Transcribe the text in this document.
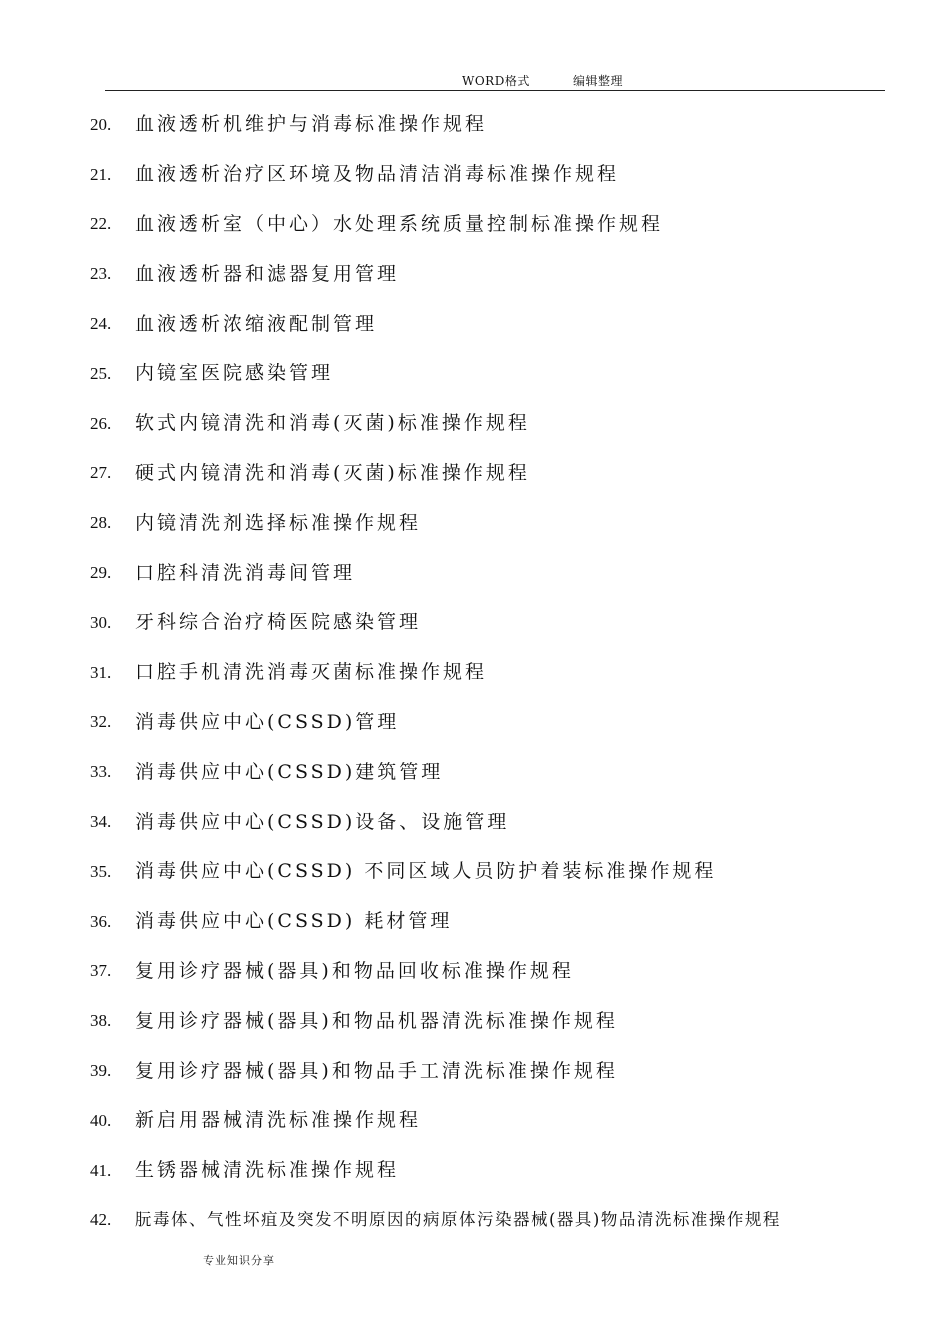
WORD格式          编辑整理
20.	血液透析机维护与消毒标准操作规程
21.	血液透析治疗区环境及物品清洁消毒标准操作规程
22.	血液透析室（中心）水处理系统质量控制标准操作规程
23.	血液透析器和滤器复用管理
24.	血液透析浓缩液配制管理
25.	内镜室医院感染管理
26.	软式内镜清洗和消毒(灭菌)标准操作规程
27.	硬式内镜清洗和消毒(灭菌)标准操作规程
28.	内镜清洗剂选择标准操作规程
29.	口腔科清洗消毒间管理
30.	牙科综合治疗椅医院感染管理
31.	口腔手机清洗消毒灭菌标准操作规程
32.	消毒供应中心(CSSD)管理
33.	消毒供应中心(CSSD)建筑管理
34.	消毒供应中心(CSSD)设备、设施管理
35.	消毒供应中心(CSSD) 不同区域人员防护着装标准操作规程
36.	消毒供应中心(CSSD) 耗材管理
37.	复用诊疗器械(器具)和物品回收标准操作规程
38.	复用诊疗器械(器具)和物品机器清洗标准操作规程
39.	复用诊疗器械(器具)和物品手工清洗标准操作规程
40.	新启用器械清洗标准操作规程
41.	生锈器械清洗标准操作规程
42.	朊毒体、气性坏疽及突发不明原因的病原体污染器械(器具)物品清洗标准操作规程
专业知识分享
